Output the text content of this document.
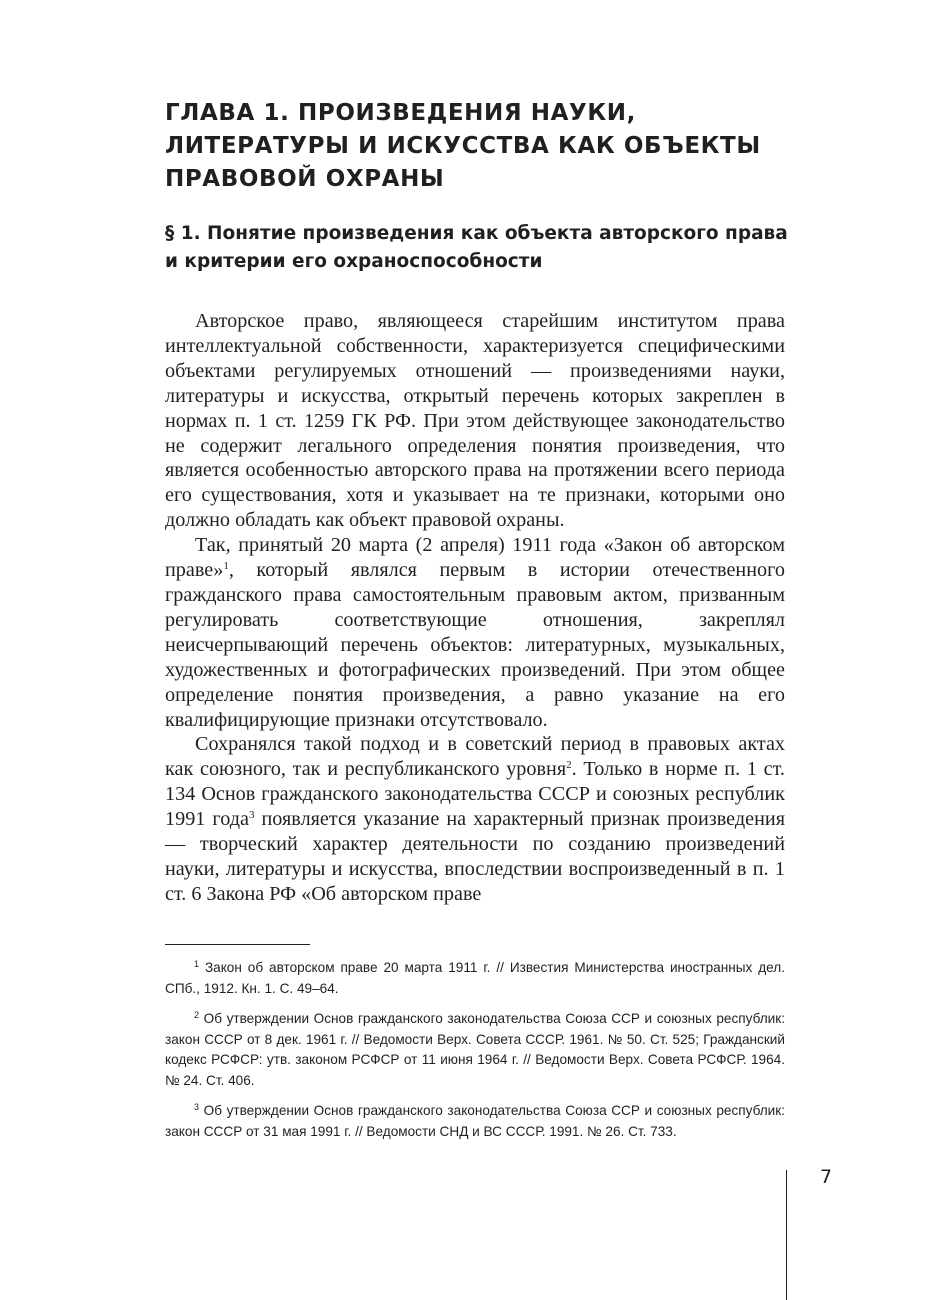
ГЛАВА 1. ПРОИЗВЕДЕНИЯ НАУКИ, ЛИТЕРАТУРЫ И ИСКУССТВА КАК ОБЪЕКТЫ ПРАВОВОЙ ОХРАНЫ
§ 1. Понятие произведения как объекта авторского права и критерии его охраноспособности

Авторское право, являющееся старейшим институтом права интеллектуальной собственности, характеризуется специфическими объектами регулируемых отношений — произведениями науки, литературы и искусства, открытый перечень которых закреплен в нормах п. 1 ст. 1259 ГК РФ. При этом действующее законодательство не содержит легального определения понятия произведения, что является особенностью авторского права на протяжении всего периода его существования, хотя и указывает на те признаки, которыми оно должно обладать как объект правовой охраны.

Так, принятый 20 марта (2 апреля) 1911 года «Закон об авторском праве»$^1$, который являлся первым в истории отечественного гражданского права самостоятельным правовым актом, призванным регулировать соответствующие отношения, закреплял неисчерпывающий перечень объектов: литературных, музыкальных, художественных и фотографических произведений. При этом общее определение понятия произведения, а равно указание на его квалифицирующие признаки отсутствовало.

Сохранялся такой подход и в советский период в правовых актах как союзного, так и республиканского уровня$^2$. Только в норме п. 1 ст. 134 Основ гражданского законодательства СССР и союзных республик 1991 года$^3$ появляется указание на характерный признак произведения — творческий характер деятельности по созданию произведений науки, литературы и искусства, впоследствии воспроизведенный в п. 1 ст. 6 Закона РФ «Об авторском праве

$^1$ Закон об авторском праве 20 марта 1911 г. // Известия Министерства иностранных дел. СПб., 1912. Кн. 1. С. 49–64.

$^2$ Об утверждении Основ гражданского законодательства Союза ССР и союзных республик: закон СССР от 8 дек. 1961 г. // Ведомости Верх. Совета СССР. 1961. № 50. Ст. 525; Гражданский кодекс РСФСР: утв. законом РСФСР от 11 июня 1964 г. // Ведомости Верх. Совета РСФСР. 1964. № 24. Ст. 406.

$^3$ Об утверждении Основ гражданского законодательства Союза ССР и союзных республик: закон СССР от 31 мая 1991 г. // Ведомости СНД и ВС СССР. 1991. № 26. Ст. 733.

7
